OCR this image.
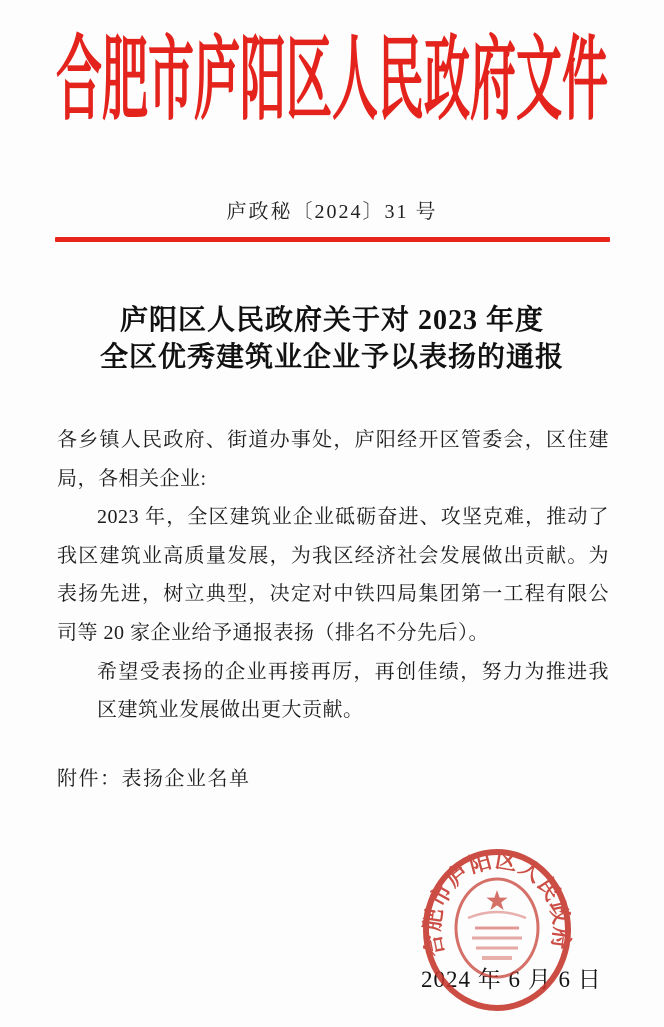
合肥市庐阳区人民政府文件
庐政秘〔2024〕31 号
庐阳区人民政府关于对 2023 年度
全区优秀建筑业企业予以表扬的通报

各乡镇人民政府、街道办事处，庐阳经开区管委会，区住建局，各相关企业:

2023 年，全区建筑业企业砥砺奋进、攻坚克难，推动了我区建筑业高质量发展，为我区经济社会发展做出贡献。为表扬先进，树立典型，决定对中铁四局集团第一工程有限公司等 20 家企业给予通报表扬（排名不分先后）。

希望受表扬的企业再接再厉，再创佳绩，努力为推进我区建筑业发展做出更大贡献。

附件：表扬企业名单

2024 年 6 月 6 日
合肥市庐阳区人民政府
